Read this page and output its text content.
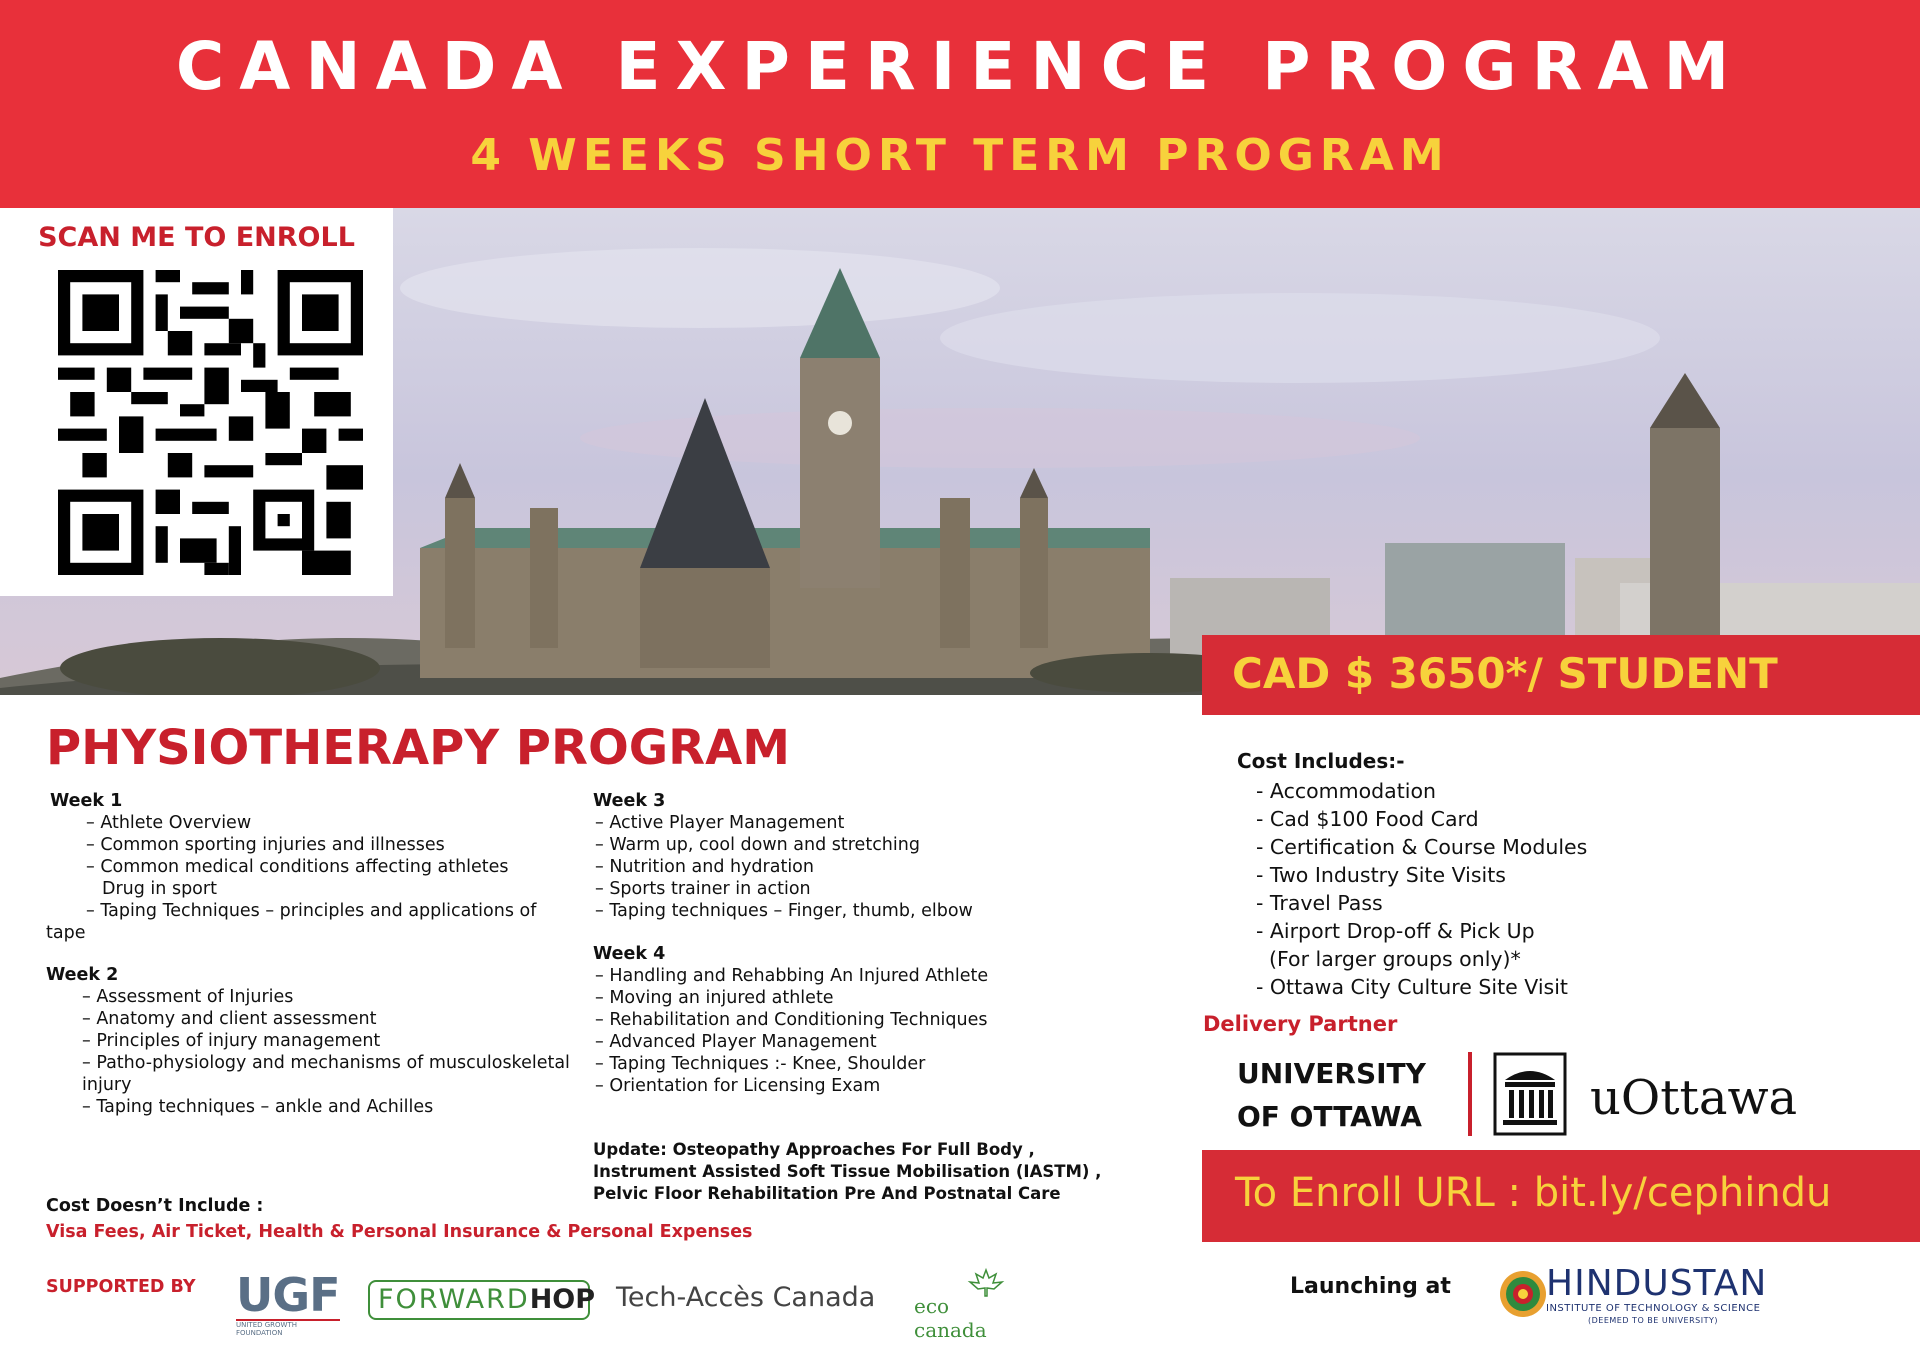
CANADA EXPERIENCE PROGRAM
4 WEEKS SHORT TERM PROGRAM
SCAN ME TO ENROLL
CAD $ 3650*/ STUDENT
PHYSIOTHERAPY PROGRAM
Week 1
– Athlete Overview
– Common sporting injuries and illnesses
– Common medical conditions affecting athletes
Drug in sport
– Taping Techniques – principles and applications of
tape
Week 2
– Assessment of Injuries
– Anatomy and client assessment
– Principles of injury management
– Patho-physiology and mechanisms of musculoskeletal
injury
– Taping techniques – ankle and Achilles
Week 3
– Active Player Management
– Warm up, cool down and stretching
– Nutrition and hydration
– Sports trainer in action
– Taping techniques – Finger, thumb, elbow
Week 4
– Handling and Rehabbing An Injured Athlete
– Moving an injured athlete
– Rehabilitation and Conditioning Techniques
– Advanced Player Management
– Taping Techniques :- Knee, Shoulder
– Orientation for Licensing Exam
Update: Osteopathy Approaches For Full Body ,
Instrument Assisted Soft Tissue Mobilisation (IASTM) ,
Pelvic Floor Rehabilitation Pre And Postnatal Care
Cost Doesn’t Include :
Visa Fees, Air Ticket, Health & Personal Insurance & Personal Expenses
SUPPORTED BY UGF
UNITED GROWTH FOUNDATION
FORWARDHOP Tech-Accès Canada eco canada
Cost Includes:-
- Accommodation
- Cad $100 Food Card
- Certification & Course Modules
- Two Industry Site Visits
- Travel Pass
- Airport Drop-off & Pick Up
(For larger groups only)*
- Ottawa City Culture Site Visit
Delivery Partner
UNIVERSITY
OF OTTAWA	uOttawa
To Enroll URL : bit.ly/cephindu
Launching at	HINDUSTAN
INSTITUTE OF TECHNOLOGY & SCIENCE
(DEEMED TO BE UNIVERSITY)
